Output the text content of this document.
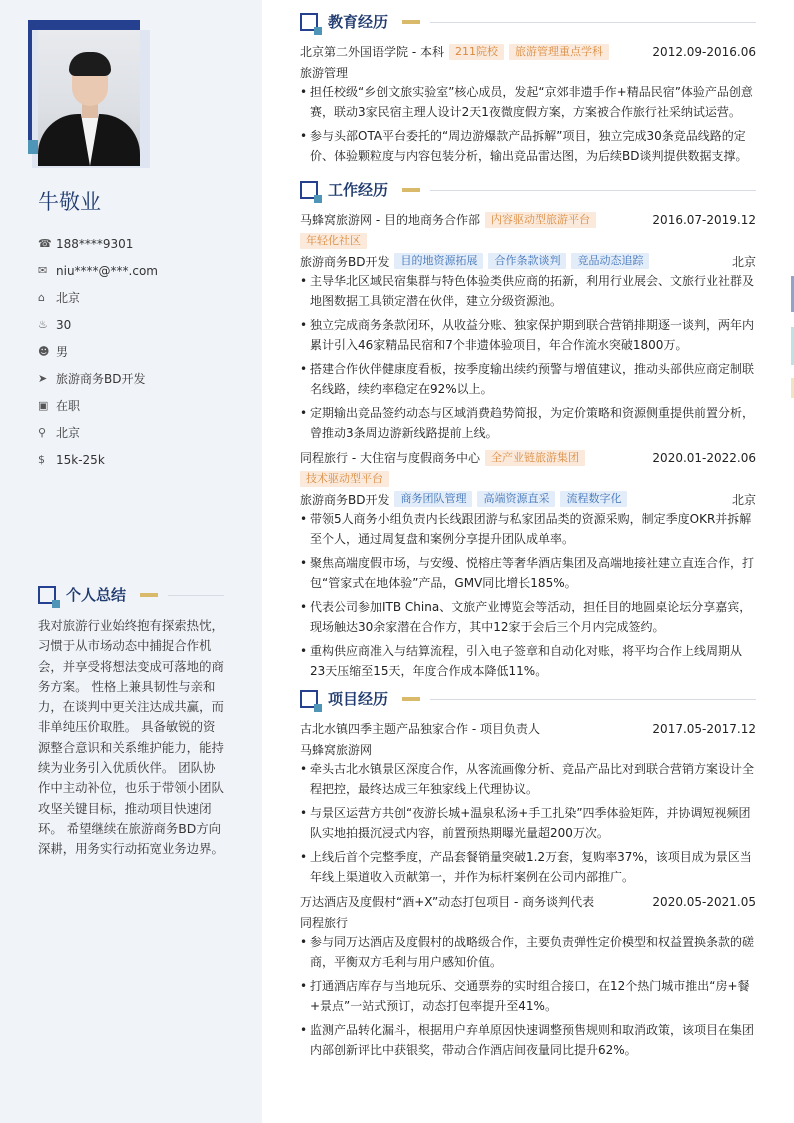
牛敬业
☎ 188****9301
✉ niu****@***.com
⌂ 北京
♨ 30
☻ 男
➤ 旅游商务BD开发
▣ 在职
⚲ 北京
$ 15k-25k
个人总结
我对旅游行业始终抱有探索热忱，习惯于从市场动态中捕捉合作机会，并享受将想法变成可落地的商务方案。 性格上兼具韧性与亲和力，在谈判中更关注达成共赢，而非单纯压价取胜。 具备敏锐的资源整合意识和关系维护能力，能持续为业务引入优质伙伴。 团队协作中主动补位，也乐于带领小团队攻坚关键目标，推动项目快速闭环。 希望继续在旅游商务BD方向深耕，用务实行动拓宽业务边界。
教育经历
北京第二外国语学院 - 本科	211院校	旅游管理重点学科	2012.09-2016.06
旅游管理
• 担任校级“乡创文旅实验室”核心成员，发起“京郊非遗手作+精品民宿”体验产品创意赛，联动3家民宿主理人设计2天1夜微度假方案，方案被合作旅行社采纳试运营。
• 参与头部OTA平台委托的“周边游爆款产品拆解”项目，独立完成30条竞品线路的定价、体验颗粒度与内容包装分析，输出竞品雷达图，为后续BD谈判提供数据支撑。
工作经历
马蜂窝旅游网 - 目的地商务合作部	内容驱动型旅游平台	2016.07-2019.12
年轻化社区
旅游商务BD开发	目的地资源拓展	合作条款谈判	竞品动态追踪	北京
• 主导华北区域民宿集群与特色体验类供应商的拓新，利用行业展会、文旅行业社群及地图数据工具锁定潜在伙伴，建立分级资源池。
• 独立完成商务条款闭环，从收益分账、独家保护期到联合营销排期逐一谈判，两年内累计引入46家精品民宿和7个非遗体验项目，年合作流水突破1800万。
• 搭建合作伙伴健康度看板，按季度输出续约预警与增值建议，推动头部供应商定制联名线路，续约率稳定在92%以上。
• 定期输出竞品签约动态与区域消费趋势简报，为定价策略和资源侧重提供前置分析，曾推动3条周边游新线路提前上线。
同程旅行 - 大住宿与度假商务中心	全产业链旅游集团	2020.01-2022.06
技术驱动型平台
旅游商务BD开发	商务团队管理	高端资源直采	流程数字化	北京
• 带领5人商务小组负责内长线跟团游与私家团品类的资源采购，制定季度OKR并拆解至个人，通过周复盘和案例分享提升团队成单率。
• 聚焦高端度假市场，与安缦、悦榕庄等奢华酒店集团及高端地接社建立直连合作，打包“管家式在地体验”产品，GMV同比增长185%。
• 代表公司参加ITB China、文旅产业博览会等活动，担任目的地圆桌论坛分享嘉宾，现场触达30余家潜在合作方，其中12家于会后三个月内完成签约。
• 重构供应商准入与结算流程，引入电子签章和自动化对账，将平均合作上线周期从23天压缩至15天，年度合作成本降低11%。
项目经历
古北水镇四季主题产品独家合作 - 项目负责人	2017.05-2017.12
马蜂窝旅游网
• 牵头古北水镇景区深度合作，从客流画像分析、竞品产品比对到联合营销方案设计全程把控，最终达成三年独家线上代理协议。
• 与景区运营方共创“夜游长城+温泉私汤+手工扎染”四季体验矩阵，并协调短视频团队实地拍摄沉浸式内容，前置预热期曝光量超200万次。
• 上线后首个完整季度，产品套餐销量突破1.2万套，复购率37%，该项目成为景区当年线上渠道收入贡献第一，并作为标杆案例在公司内部推广。
万达酒店及度假村“酒+X”动态打包项目 - 商务谈判代表	2020.05-2021.05
同程旅行
• 参与同万达酒店及度假村的战略级合作，主要负责弹性定价模型和权益置换条款的磋商，平衡双方毛利与用户感知价值。
• 打通酒店库存与当地玩乐、交通票券的实时组合接口，在12个热门城市推出“房+餐+景点”一站式预订，动态打包率提升至41%。
• 监测产品转化漏斗，根据用户弃单原因快速调整预售规则和取消政策，该项目在集团内部创新评比中获银奖，带动合作酒店间夜量同比提升62%。
